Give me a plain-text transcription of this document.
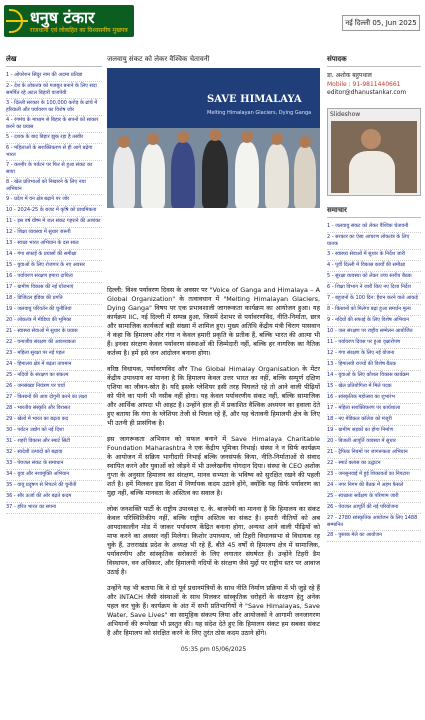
धनुष टंकार
राजधानी एवं लोकहित का विश्वसनीय मुखपत्र
नई दिल्ली 05, Jun 2025
लेख
1 - ओपरेशन सिंदूर नाम की अदम्य प्रतिज्ञा
2 - देश के लोकतंत्र को मजबूत बनाने के लिए सदा समर्पित रहे अटल बिहारी वाजपेयी
3 - दिल्ली सरकार के 100,000 करोड़ के ढांचे में हरियाली और पर्यावरण का विशेष जोर
4 - रंगमंच के माध्यम से बिहार के सपनों को साकार करने का प्रयास
5 - दशक के बाद बिहार झुक रहा है तस्वीर
6 - महिलाओं के सशक्तिकरण से ही आगे बढ़ेगा भारत
7 - कश्मीर के पर्यटन पर फिर से हुआ संकट का साया
8 - खेल प्रतिभाओं को निखारने के लिए नया अभियान
9 - प्रदेश में वन क्षेत्र बढ़ाने पर जोर
10 - 2024-25 के बजट में कृषि को प्राथमिकता
11 - इस वर्ष ग्रीष्म में जल संकट गहराने की आशंका
12 - शिक्षा व्यवस्था में सुधार जरूरी
13 - स्वच्छ भारत अभियान के दस साल
14 - गंगा सफाई के प्रयासों की समीक्षा
15 - युवाओं के लिए रोजगार के नए अवसर
16 - पर्यावरण संरक्षण हमारा दायित्व
17 - ग्रामीण विकास की नई योजनाएं
18 - डिजिटल इंडिया की प्रगति
19 - जलवायु परिवर्तन की चुनौतियां
20 - लोकतंत्र में मीडिया की भूमिका
21 - स्वास्थ्य सेवाओं में सुधार के प्रयास
22 - वन्यजीव संरक्षण की आवश्यकता
23 - महिला सुरक्षा पर नई पहल
24 - हिमालय क्षेत्र में बढ़ता तापमान
25 - नदियों के संरक्षण का संकल्प
26 - जनसंख्या नियंत्रण पर चर्चा
27 - किसानों की आय दोगुनी करने का लक्ष्य
28 - भारतीय संस्कृति और विरासत
29 - खेलों में भारत का बढ़ता कद
30 - पर्यटन उद्योग को नई दिशा
31 - शहरी विकास और स्मार्ट सिटी
32 - स्वदेशी उत्पादों को बढ़ावा
33 - पेयजल संकट के समाधान
34 - युवा और नशामुक्ति अभियान
35 - वायु प्रदूषण से निपटने की चुनौती
36 - सौर ऊर्जा की ओर बढ़ते कदम
37 - हरित भारत का सपना
जलवायु संकट को लेकर वैश्विक चेतावनी
SAVE HIMALAYA
Melting Himalayan Glaciers, Dying Ganga

दिल्ली: विश्व पर्यावरण दिवस के अवसर पर "Voice of Ganga and Himalaya – A Global Organization" के तत्वावधान में "Melting Himalayan Glaciers, Dying Ganga" विषय पर एक प्रभावशाली जागरूकता कार्यक्रम का आयोजन हुआ। यह कार्यक्रम IIC, नई दिल्ली में सम्पन्न हुआ, जिसमें देशभर से पर्यावरणविद, नीति-निर्माता, छात्र और सामाजिक कार्यकर्ता बड़ी संख्या में शामिल हुए। मुख्य अतिथि केंद्रीय मंत्री चिराग पासवान ने कहा कि हिमालय और गंगा न केवल हमारी प्रकृति के प्रतीक हैं, बल्कि भारत की आत्मा भी हैं। इनका संरक्षण केवल पर्यावरण संस्थाओं की जिम्मेदारी नहीं, बल्कि हर नागरिक का नैतिक कर्तव्य है। हमें इसे जन आंदोलन बनाना होगा।

वरिष्ठ विधायक, पर्यावरणविद और The Global Himalay Organisation के मेंटर केंद्रीय उपाध्याय का मानना है कि हिमालय केवल उत्तर भारत का नहीं, बल्कि सम्पूर्ण दक्षिण एशिया का जीवन-स्रोत है। यदि इसके ग्लेशियर इसी तरह पिघलते रहे तो आने वाली पीढ़ियों को पीने का पानी भी नसीब नहीं होगा। यह केवल पर्यावरणीय संकट नहीं, बल्कि सामाजिक और आर्थिक आपदा भी आहट है। उन्होंने हाल ही में प्रकाशित वैश्विक अध्ययन का हवाला देते हुए बताया कि गंगा के ग्लेशियर तेजी से पिघल रहे हैं, और यह चेतावनी हिमालयी क्षेत्र के लिए भी उतनी ही प्रासंगिक है।

इस जागरूकता अभियान को सफल बनाने में Save Himalaya Charitable Foundation Maharashtra ने एक केंद्रीय भूमिका निभाई। संस्था ने न सिर्फ कार्यक्रम के आयोजन में सक्रिय भागीदारी निभाई बल्कि जनसंपर्क किया, नीति-निर्माताओं से संवाद स्थापित करने और युवाओं को जोड़ने में भी उल्लेखनीय योगदान दिया। संस्था के CEO अशोक गुप्ता के अनुसार हिमालय का संरक्षण, मानव सभ्यता के भविष्य को सुरक्षित रखने की पहली शर्त है। हमें मिलकर इस दिशा में निर्णायक कदम उठाने होंगे, क्योंकि यह सिर्फ पर्यावरण का मुद्दा नहीं, बल्कि मानवता के अस्तित्व का सवाल है।

लोक जनशक्ति पार्टी के राष्ट्रीय उपाध्यक्ष ए. के. बाजपेयी का मानना है कि हिमालय का संकट केवल परिस्थितिकीय नहीं, बल्कि राष्ट्रीय अस्तित्व का संकट है। हमारी नीतियों को अब आपदाकालीन मोड में जाकर पर्यावरण केंद्रित बनाना होगा, अन्यथा आने वाली पीढ़ियों को माफ करने का अवसर नहीं मिलेगा। किशोर उपाध्याय, जो टिहरी विधानसभा से विधायक रह चुके हैं, उत्तराखंड प्रदेश के अध्यक्ष भी रहे हैं, बीते 45 वर्षों से हिमालय क्षेत्र में सामाजिक, पर्यावरणीय और सांस्कृतिक सरोकारों के लिए लगातार संघर्षरत हैं। उन्होंने टिहरी डैम विस्थापन, वन अधिकार, और हिमालयी नदियों के संरक्षण जैसे मुद्दों पर राष्ट्रीय स्तर पर आवाज उठाई है।

उन्होंने यह भी बताया कि वे दो पूर्व प्रधानमंत्रियों के साथ नीति निर्माण प्रक्रिया में भी जुड़े रहे हैं और INTACH जैसी संस्थाओं के साथ मिलकर सांस्कृतिक धरोहरों के संरक्षण हेतु अनेक पहल कर चुके हैं। कार्यक्रम के अंत में सभी प्रतिभागियों ने "Save Himalayas, Save Water, Save Lives" का सामूहिक संकल्प लिया और आयोजकों ने आगामी जनजागरण अभियानों की रूपरेखा भी प्रस्तुत की। यह संदेश देते हुए कि हिमालय संकट हम सबका संकट है और हिमालय को संरक्षित करने के लिए तुरंत ठोस कदम उठाने होंगे।

05:35 pm 05/06/2025
संपादक
डा. अशोक बहुपथाल
Mobile : 91-9811440661
editor@dhanustankar.com
Slideshow
समाचार
1 - जलवायु संकट को लेकर वैश्विक चेतावनी
2 - सरकार का ऐसा आचरण लोकतंत्र के लिए घातक
3 - स्वास्थ्य सेवाओं में सुधार के निर्देश जारी
4 - पूर्वी दिल्ली में विकास कार्यों की समीक्षा
5 - सुरक्षा व्यवस्था को लेकर उच्च स्तरीय बैठक
6 - शिक्षा विभाग ने जारी किए नए दिशा निर्देश
7 - बहुजनों के 100 दिन: हैरान करने वाले आंकड़े
8 - किसानों को मिलेगा बढ़ा हुआ समर्थन मूल्य
9 - नदियों की सफाई के लिए विशेष अभियान
10 - जल संरक्षण पर राष्ट्रीय सम्मेलन आयोजित
11 - पर्यावरण दिवस पर हुआ वृक्षारोपण
12 - गंगा संरक्षण के लिए नई योजना
13 - हिमालयी राज्यों की विशेष बैठक
14 - युवाओं के लिए कौशल विकास कार्यक्रम
15 - खेल प्रतियोगिता में मिले पदक
16 - सांस्कृतिक महोत्सव का शुभारंभ
17 - महिला सशक्तिकरण पर कार्यशाला
18 - नए मेडिकल कॉलेज को मंजूरी
19 - ग्रामीण सड़कों का होगा निर्माण
20 - बिजली आपूर्ति व्यवस्था में सुधार
21 - ट्रैफिक नियमों पर जागरूकता अभियान
22 - स्मार्ट क्लास का उद्घाटन
23 - जनसुनवाई में हुई शिकायतों का निपटारा
24 - नगर निगम की बैठक में अहम फैसले
25 - स्वच्छता सर्वेक्षण के परिणाम जारी
26 - पेयजल आपूर्ति की नई परियोजना
27 - 2780 सांस्कृतिक आयोजन के लिए 1488 सम्मानित
28 - पुस्तक मेले का आयोजन
